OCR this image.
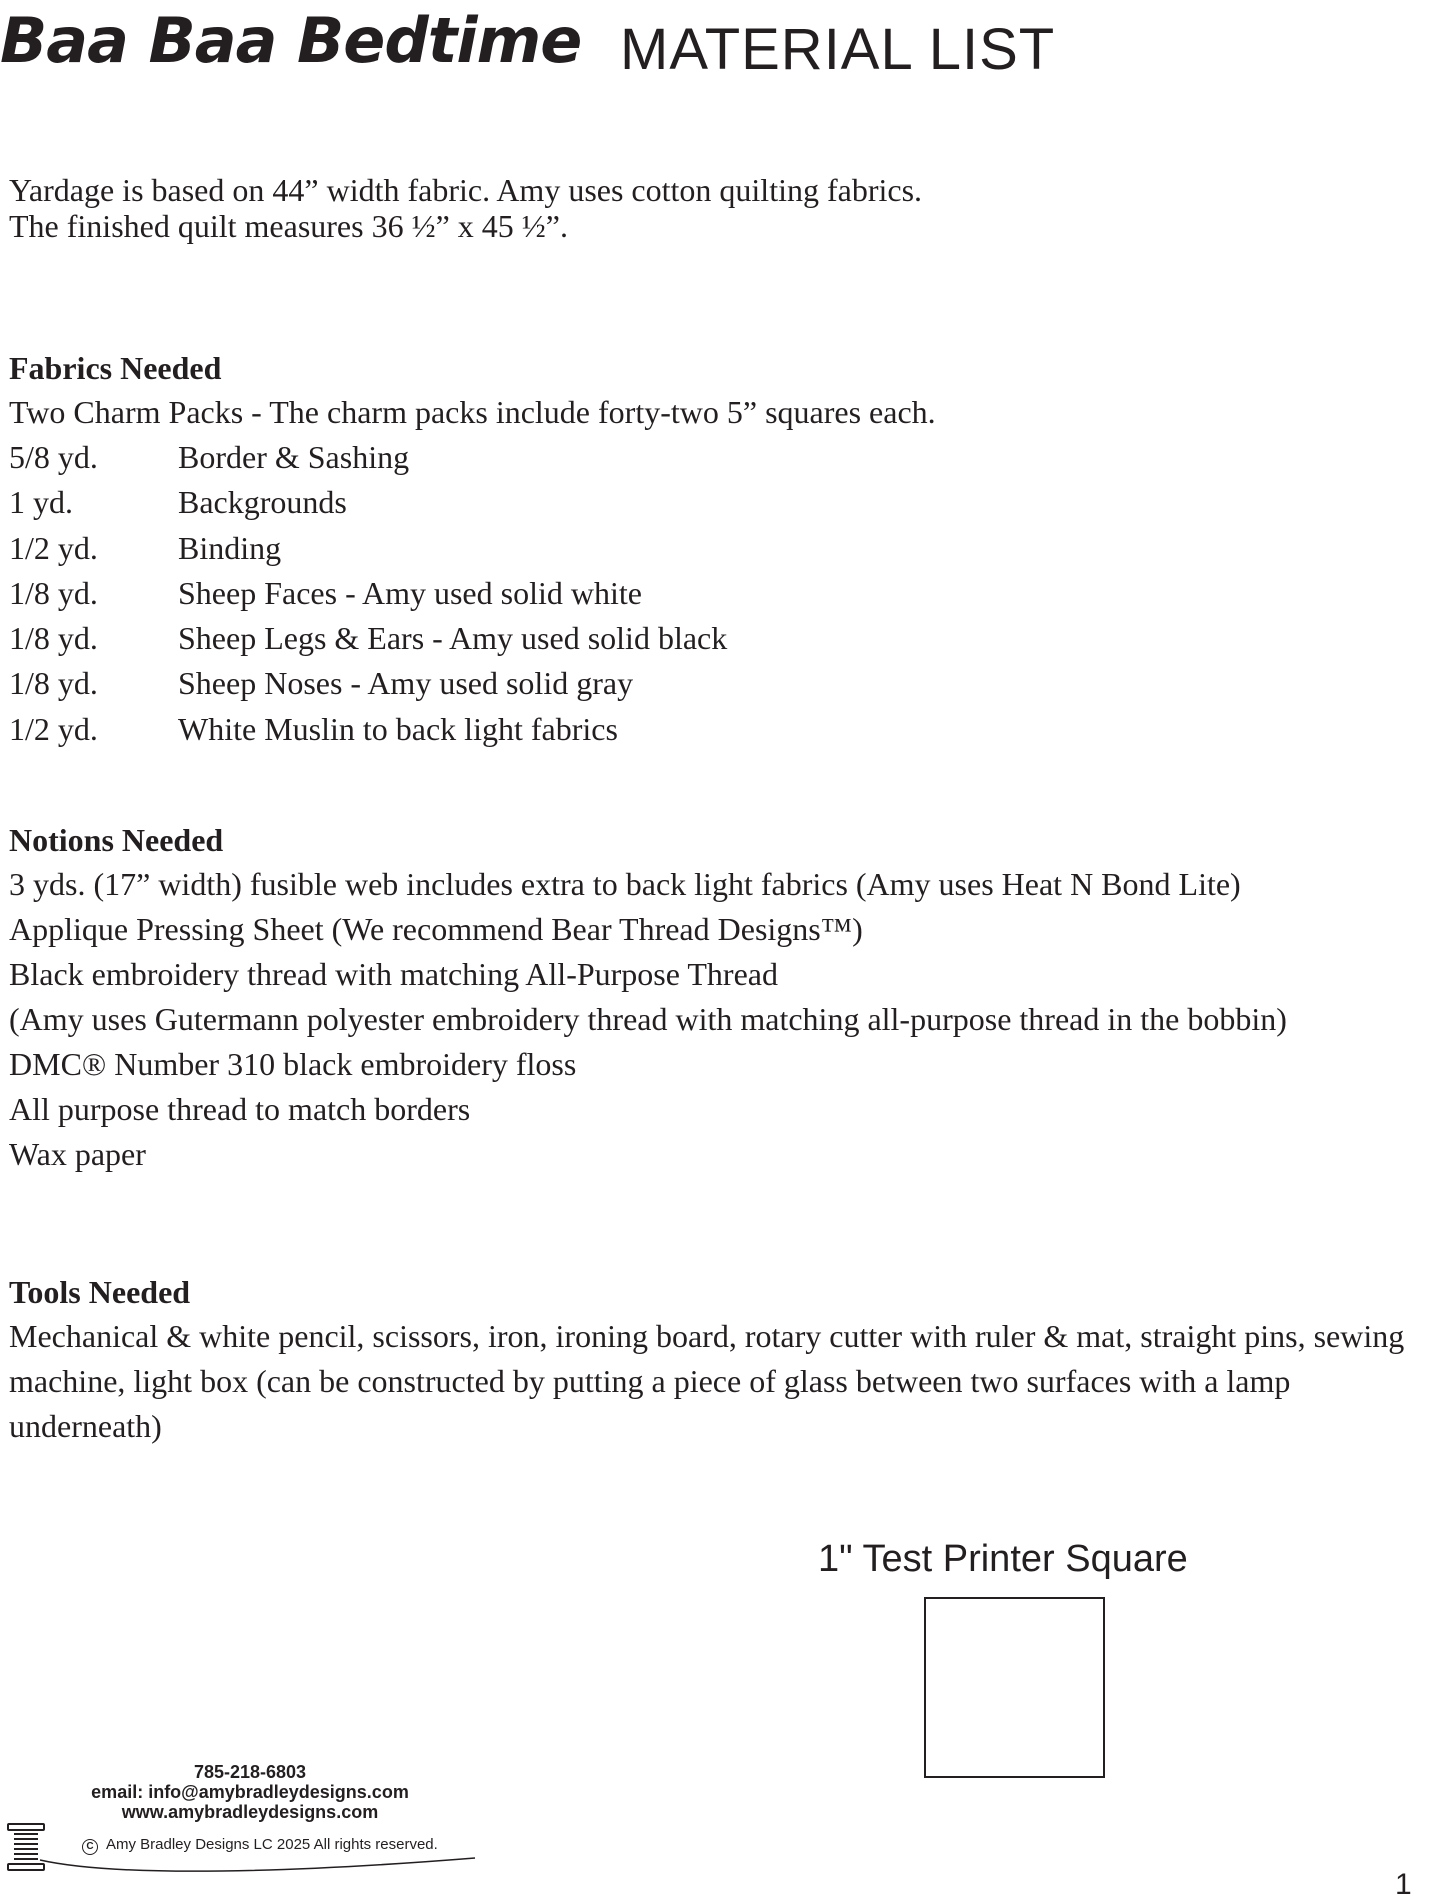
Baa Baa Bedtime MATERIAL LIST
Yardage is based on 44” width fabric. Amy uses cotton quilting fabrics.
The finished quilt measures 36 ½” x 45 ½”.
Fabrics Needed
Two Charm Packs - The charm packs include forty-two 5” squares each.
5/8 yd.	Border & Sashing
1 yd.	Backgrounds
1/2 yd.	Binding
1/8 yd.	Sheep Faces - Amy used solid white
1/8 yd.	Sheep Legs & Ears - Amy used solid black
1/8 yd.	Sheep Noses - Amy used solid gray
1/2 yd.	White Muslin to back light fabrics
Notions Needed
3 yds. (17” width) fusible web includes extra to back light fabrics (Amy uses Heat N Bond Lite)
Applique Pressing Sheet (We recommend Bear Thread Designs™)
Black embroidery thread with matching All-Purpose Thread
(Amy uses Gutermann polyester embroidery thread with matching all-purpose thread in the bobbin)
DMC® Number 310 black embroidery floss
All purpose thread to match borders
Wax paper
Tools Needed
Mechanical & white pencil, scissors, iron, ironing board, rotary cutter with ruler & mat, straight pins, sewing machine, light box (can be constructed by putting a piece of glass between two surfaces with a lamp underneath)
1" Test Printer Square
785-218-6803
email: info@amybradleydesigns.com
www.amybradleydesigns.com
C Amy Bradley Designs LC 2025 All rights reserved.
1
